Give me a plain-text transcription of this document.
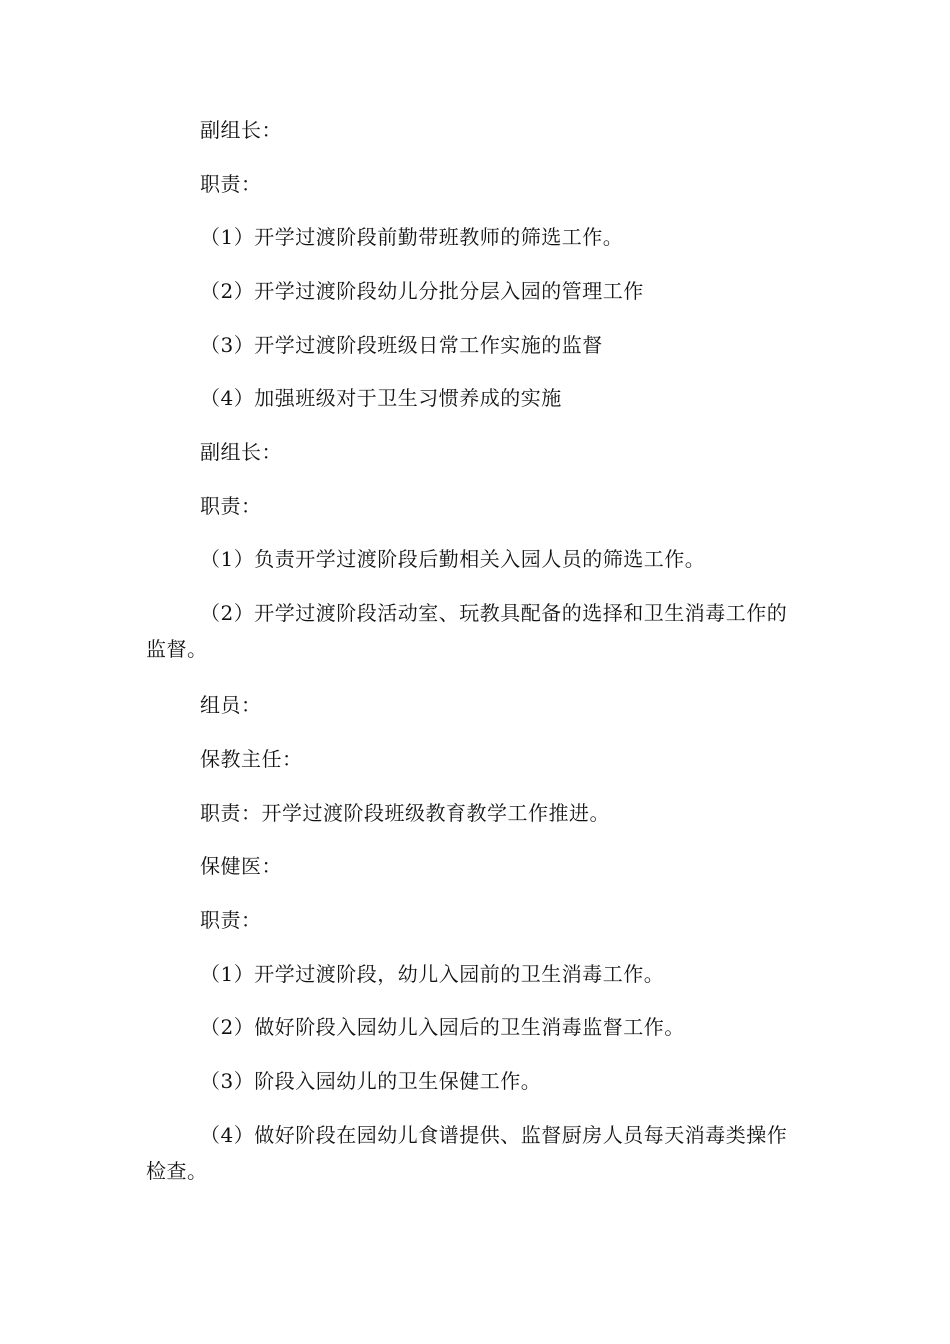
副组长：
职责：
（1）开学过渡阶段前勤带班教师的筛选工作。
（2）开学过渡阶段幼儿分批分层入园的管理工作
（3）开学过渡阶段班级日常工作实施的监督
（4）加强班级对于卫生习惯养成的实施
副组长：
职责：
（1）负责开学过渡阶段后勤相关入园人员的筛选工作。
（2）开学过渡阶段活动室、玩教具配备的选择和卫生消毒工作的监督。
组员：
保教主任：
职责：开学过渡阶段班级教育教学工作推进。
保健医：
职责：
（1）开学过渡阶段，幼儿入园前的卫生消毒工作。
（2）做好阶段入园幼儿入园后的卫生消毒监督工作。
（3）阶段入园幼儿的卫生保健工作。
（4）做好阶段在园幼儿食谱提供、监督厨房人员每天消毒类操作检查。
